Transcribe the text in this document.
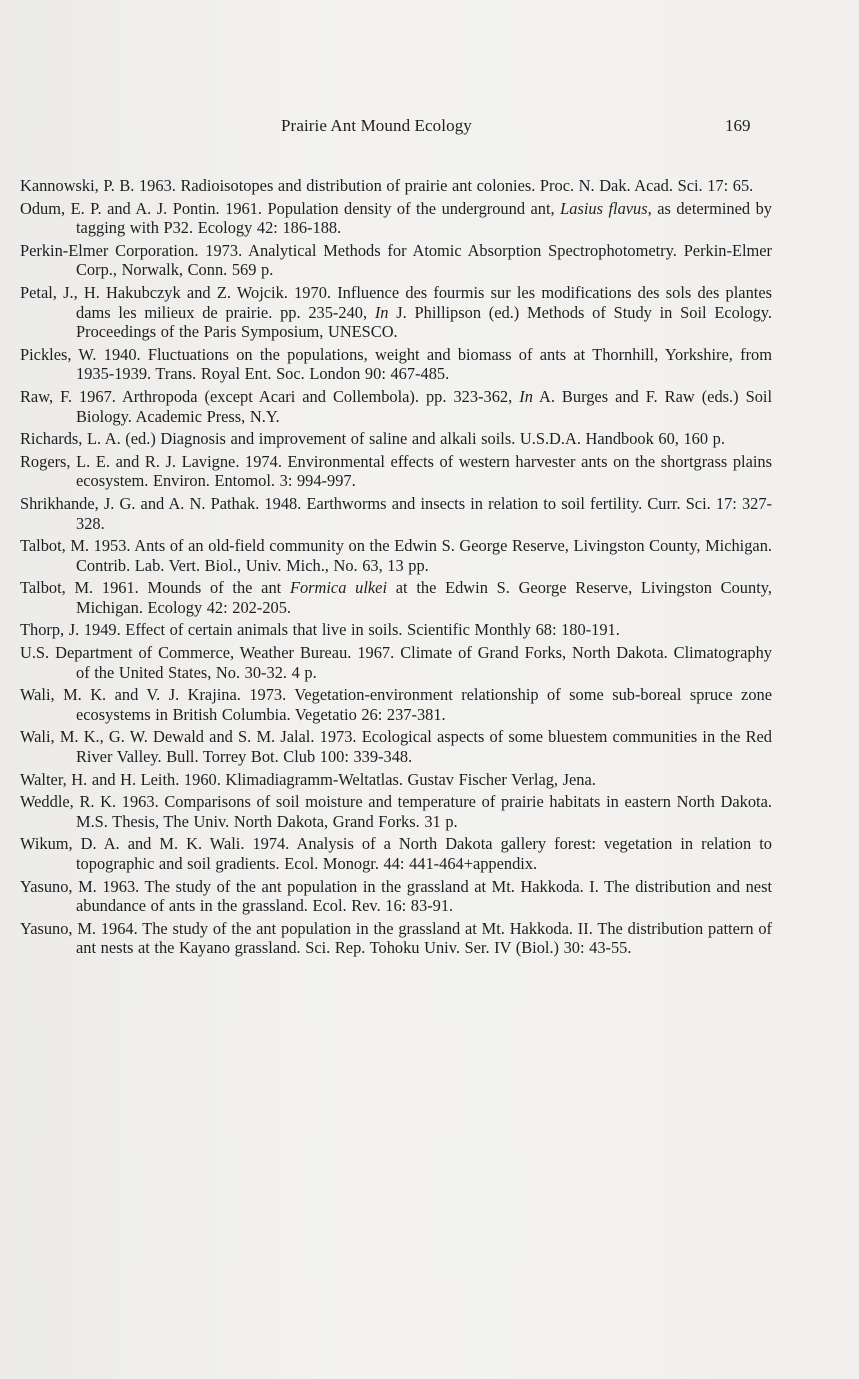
Prairie Ant Mound Ecology	169
Kannowski, P. B. 1963. Radioisotopes and distribution of prairie ant colonies. Proc. N. Dak. Acad. Sci. 17: 65.
Odum, E. P. and A. J. Pontin. 1961. Population density of the underground ant, Lasius flavus, as determined by tagging with P32. Ecology 42: 186-188.
Perkin-Elmer Corporation. 1973. Analytical Methods for Atomic Absorption Spectrophotometry. Perkin-Elmer Corp., Norwalk, Conn. 569 p.
Petal, J., H. Hakubczyk and Z. Wojcik. 1970. Influence des fourmis sur les modifications des sols des plantes dams les milieux de prairie. pp. 235-240, In J. Phillipson (ed.) Methods of Study in Soil Ecology. Proceedings of the Paris Symposium, UNESCO.
Pickles, W. 1940. Fluctuations on the populations, weight and biomass of ants at Thornhill, Yorkshire, from 1935-1939. Trans. Royal Ent. Soc. London 90: 467-485.
Raw, F. 1967. Arthropoda (except Acari and Collembola). pp. 323-362, In A. Burges and F. Raw (eds.) Soil Biology. Academic Press, N.Y.
Richards, L. A. (ed.) Diagnosis and improvement of saline and alkali soils. U.S.D.A. Handbook 60, 160 p.
Rogers, L. E. and R. J. Lavigne. 1974. Environmental effects of western harvester ants on the shortgrass plains ecosystem. Environ. Entomol. 3: 994-997.
Shrikhande, J. G. and A. N. Pathak. 1948. Earthworms and insects in relation to soil fertility. Curr. Sci. 17: 327-328.
Talbot, M. 1953. Ants of an old-field community on the Edwin S. George Reserve, Livingston County, Michigan. Contrib. Lab. Vert. Biol., Univ. Mich., No. 63, 13 pp.
Talbot, M. 1961. Mounds of the ant Formica ulkei at the Edwin S. George Reserve, Livingston County, Michigan. Ecology 42: 202-205.
Thorp, J. 1949. Effect of certain animals that live in soils. Scientific Monthly 68: 180-191.
U.S. Department of Commerce, Weather Bureau. 1967. Climate of Grand Forks, North Dakota. Climatography of the United States, No. 30-32. 4 p.
Wali, M. K. and V. J. Krajina. 1973. Vegetation-environment relationship of some sub-boreal spruce zone ecosystems in British Columbia. Vegetatio 26: 237-381.
Wali, M. K., G. W. Dewald and S. M. Jalal. 1973. Ecological aspects of some bluestem communities in the Red River Valley. Bull. Torrey Bot. Club 100: 339-348.
Walter, H. and H. Leith. 1960. Klimadiagramm-Weltatlas. Gustav Fischer Verlag, Jena.
Weddle, R. K. 1963. Comparisons of soil moisture and temperature of prairie habitats in eastern North Dakota. M.S. Thesis, The Univ. North Dakota, Grand Forks. 31 p.
Wikum, D. A. and M. K. Wali. 1974. Analysis of a North Dakota gallery forest: vegetation in relation to topographic and soil gradients. Ecol. Monogr. 44: 441-464+appendix.
Yasuno, M. 1963. The study of the ant population in the grassland at Mt. Hakkoda. I. The distribution and nest abundance of ants in the grassland. Ecol. Rev. 16: 83-91.
Yasuno, M. 1964. The study of the ant population in the grassland at Mt. Hakkoda. II. The distribution pattern of ant nests at the Kayano grassland. Sci. Rep. Tohoku Univ. Ser. IV (Biol.) 30: 43-55.
